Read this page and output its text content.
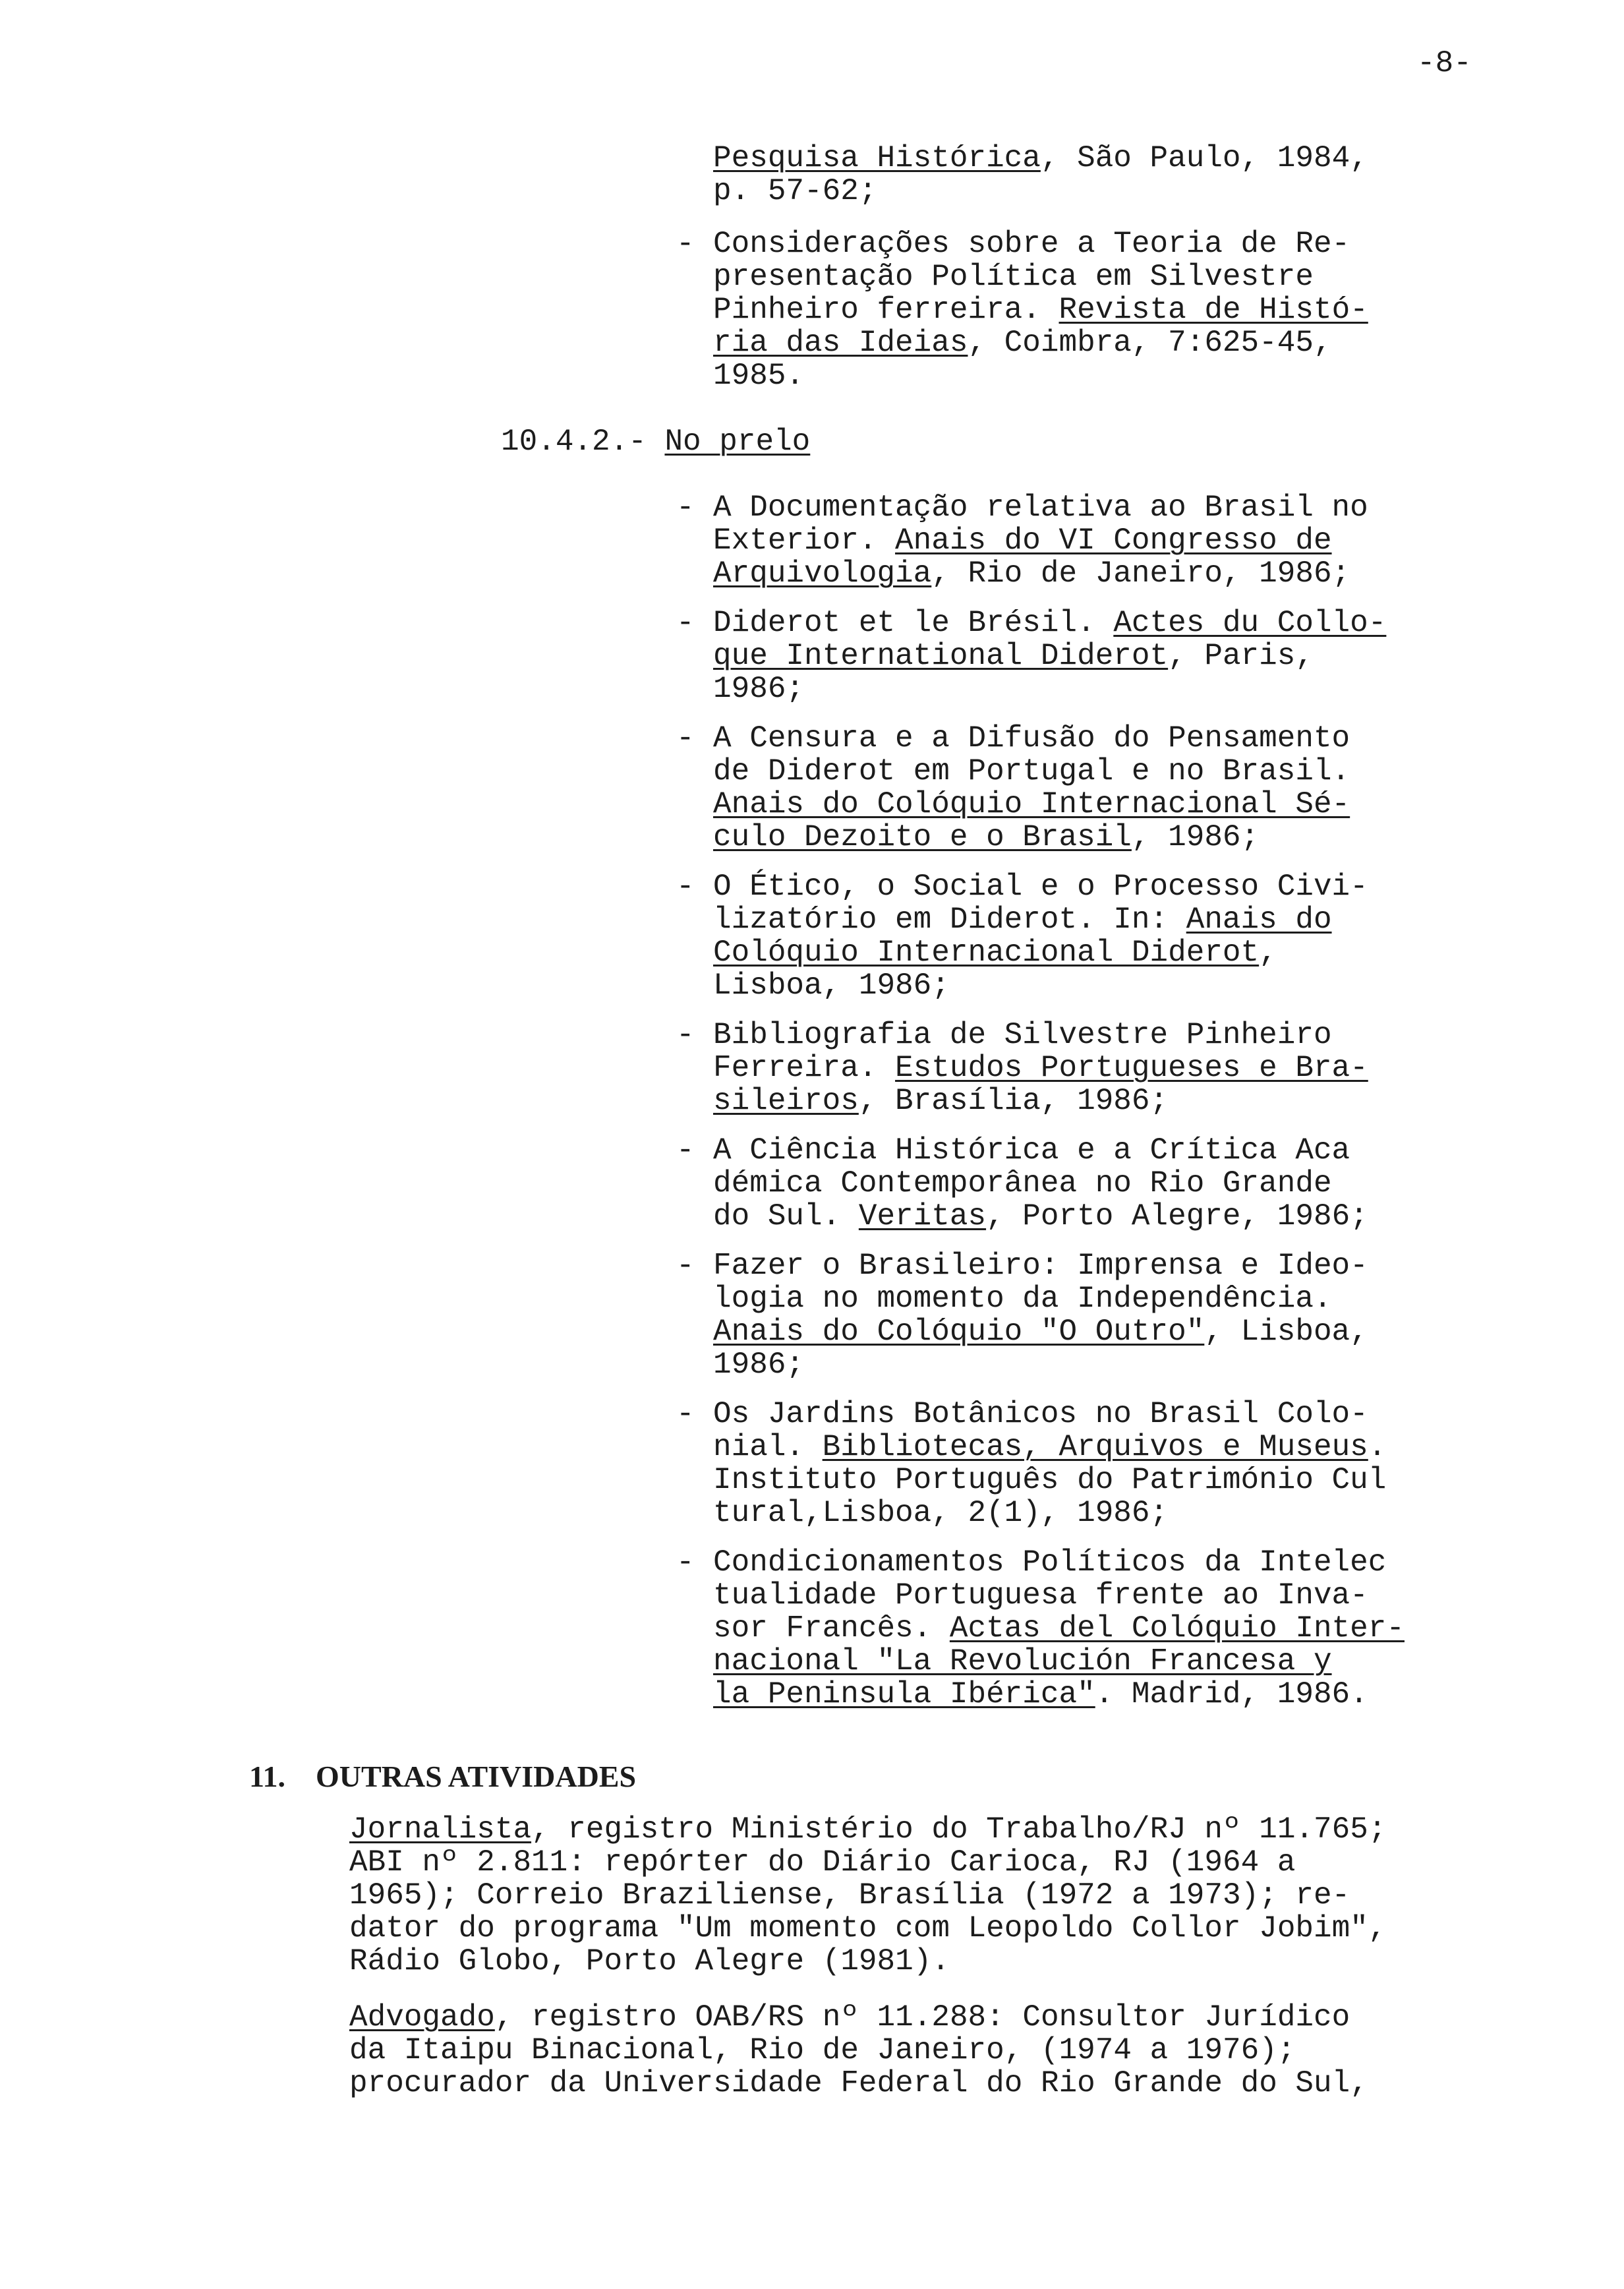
-8-
Pesquisa Histórica, São Paulo, 1984,
p. 57-62;
- Considerações sobre a Teoria de Re-
presentação Política em Silvestre
Pinheiro ferreira. Revista de Histó-
ria das Ideias, Coimbra, 7:625-45,
1985.
10.4.2.- No prelo
- A Documentação relativa ao Brasil no
Exterior. Anais do VI Congresso de
Arquivologia, Rio de Janeiro, 1986;
- Diderot et le Brésil. Actes du Collo-
que International Diderot, Paris,
1986;
- A Censura e a Difusão do Pensamento
de Diderot em Portugal e no Brasil.
Anais do Colóquio Internacional Sé-
culo Dezoito e o Brasil, 1986;
- O Ético, o Social e o Processo Civi-
lizatório em Diderot. In: Anais do
Colóquio Internacional Diderot,
Lisboa, 1986;
- Bibliografia de Silvestre Pinheiro
Ferreira. Estudos Portugueses e Bra-
sileiros, Brasília, 1986;
- A Ciência Histórica e a Crítica Aca
démica Contemporânea no Rio Grande
do Sul. Veritas, Porto Alegre, 1986;
- Fazer o Brasileiro: Imprensa e Ideo-
logia no momento da Independência.
Anais do Colóquio "O Outro", Lisboa,
1986;
- Os Jardins Botânicos no Brasil Colo-
nial. Bibliotecas, Arquivos e Museus.
Instituto Português do Património Cul
tural,Lisboa, 2(1), 1986;
- Condicionamentos Políticos da Intelec
tualidade Portuguesa frente ao Inva-
sor Francês. Actas del Colóquio Inter-
nacional "La Revolución Francesa y
la Peninsula Ibérica". Madrid, 1986.
11. OUTRAS ATIVIDADES
Jornalista, registro Ministério do Trabalho/RJ nº 11.765;
ABI nº 2.811: repórter do Diário Carioca, RJ (1964 a
1965); Correio Braziliense, Brasília (1972 a 1973); re-
dator do programa "Um momento com Leopoldo Collor Jobim",
Rádio Globo, Porto Alegre (1981).
Advogado, registro OAB/RS nº 11.288: Consultor Jurídico
da Itaipu Binacional, Rio de Janeiro, (1974 a 1976);
procurador da Universidade Federal do Rio Grande do Sul,
